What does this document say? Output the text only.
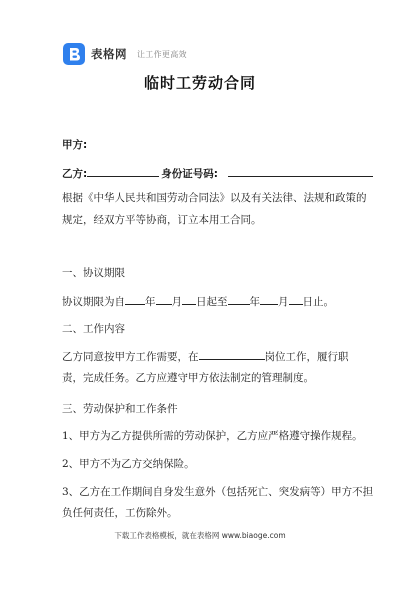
表格网 让工作更高效
临时工劳动合同
甲方:
乙方:	身份证号码:
根据《中华人民共和国劳动合同法》以及有关法律、法规和政策的
规定，经双方平等协商，订立本用工合同。
一、协议期限
协议期限为自 年 月 日起至 年 月 日止。
二、工作内容
乙方同意按甲方工作需要，在	岗位工作，履行职
责，完成任务。乙方应遵守甲方依法制定的管理制度。
三、劳动保护和工作条件
1、甲方为乙方提供所需的劳动保护，乙方应严格遵守操作规程。
2、甲方不为乙方交纳保险。
3、乙方在工作期间自身发生意外（包括死亡、突发病等）甲方不担
负任何责任，工伤除外。
下载工作表格模板，就在表格网 www.biaoge.com
